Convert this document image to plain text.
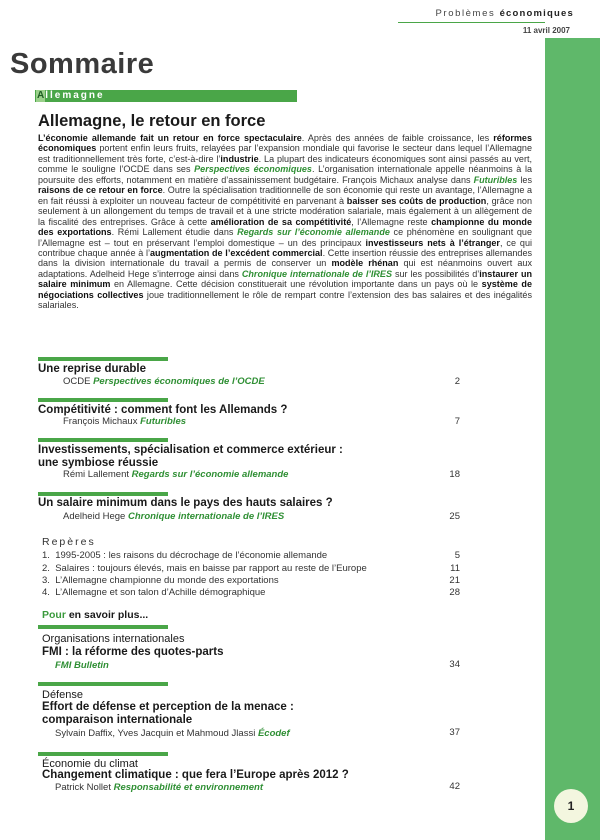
Problèmes économiques
11 avril 2007
1
Sommaire
Allemagne
Allemagne, le retour en force
L’économie allemande fait un retour en force spectaculaire. Après des années de faible croissance, les réformes économiques portent enfin leurs fruits, relayées par l’expansion mondiale qui favorise le secteur dans lequel l’Allemagne est traditionnellement très forte, c’est-à-dire l’industrie. La plupart des indicateurs économiques sont ainsi passés au vert, comme le souligne l’OCDE dans ses Perspectives économiques. L’organisation internationale appelle néanmoins à la poursuite des efforts, notamment en matière d’assainissement budgétaire. François Michaux analyse dans Futuribles les raisons de ce retour en force. Outre la spécialisation traditionnelle de son économie qui reste un avantage, l’Allemagne a en fait réussi à exploiter un nouveau facteur de compétitivité en parvenant à baisser ses coûts de production, grâce non seulement à un allongement du temps de travail et à une stricte modération salariale, mais également à un allègement de la fiscalité des entreprises. Grâce à cette amélioration de sa compétitivité, l’Allemagne reste championne du monde des exportations. Rémi Lallement étudie dans Regards sur l’économie allemande ce phénomène en soulignant que l’Allemagne est – tout en préservant l’emploi domestique – un des principaux investisseurs nets à l’étranger, ce qui contribue chaque année à l’augmentation de l’excédent commercial. Cette insertion réussie des entreprises allemandes dans la division internationale du travail a permis de conserver un modèle rhénan qui est néanmoins ouvert aux adaptations. Adelheid Hege s’interroge ainsi dans Chronique internationale de l’IRES sur les possibilités d’instaurer un salaire minimum en Allemagne. Cette décision constituerait une révolution importante dans un pays où le système de négociations collectives joue traditionnellement le rôle de rempart contre l’extension des bas salaires et des inégalités salariales.
Une reprise durable
OCDE Perspectives économiques de l’OCDE	2
Compétitivité : comment font les Allemands ?
François Michaux Futuribles	7
Investissements, spécialisation et commerce extérieur :
une symbiose réussie
Rémi Lallement Regards sur l’économie allemande	18
Un salaire minimum dans le pays des hauts salaires ?
Adelheid Hege Chronique internationale de l’IRES	25
Repères
1. 1995-2005 : les raisons du décrochage de l’économie allemande	5
2. Salaires : toujours élevés, mais en baisse par rapport au reste de l’Europe	11
3. L’Allemagne championne du monde des exportations	21
4. L’Allemagne et son talon d’Achille démographique	28
Pour en savoir plus...
Organisations internationales
FMI : la réforme des quotes-parts
FMI Bulletin	34
Défense
Effort de défense et perception de la menace :
comparaison internationale
Sylvain Daffix, Yves Jacquin et Mahmoud Jlassi Écodef	37
Économie du climat
Changement climatique : que fera l’Europe après 2012 ?
Patrick Nollet Responsabilité et environnement	42
